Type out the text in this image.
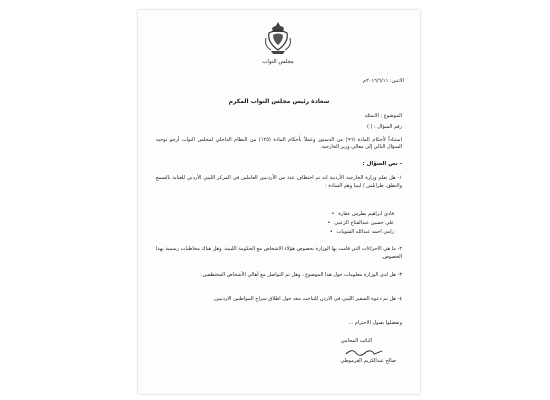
مجلس النواب
الاثنين: ٢٠١٦/٦/١١م
سعادة رئيس مجلس النواب المكرم
الموضوع : الاسئلة
رقم السؤال : ( )
استناداً لأحكام المادة (٩٦) من الدستور وعملاً بأحكام المادة (١٢٥) من النظام الداخلي لمجلس النواب أرجو توجيه السؤال التالي إلى معالي وزير الخارجية.
- نص السؤال :
١- هل تعلم وزارة الخارجية الأردنية انه تم اختطاف عدد من الأردنيين العاملين في المركز الليبي الأردني للعناية بالسمع والنطق، طرابلس / ليبيا وهم السادة :
فادي ابراهيم بطرس عفارة •
علي حسين عبدالفتاح الزعبي •
رامي احمد عبدالله الشويات •
٢- ما هي الاجراءات التي قامت بها الوزارة بخصوص هؤلاء الاشخاص مع الحكومة الليبية، وهل هناك مخاطبات رسمية بهذا الخصوص.
٣- هل لدى الوزارة معلومات حول هذا الموضوع ، وهل تم التواصل مع أهالي الأشخاص المختطفين.
٤- هل تم دعوة السفير الليبي في الاردن للتباحث معه حول اطلاق سراح المواطنين الاردنيين.
وتفضلوا بقبول الاحترام ...
النائب المحامي
صالح عبدالكريم العرموطي
